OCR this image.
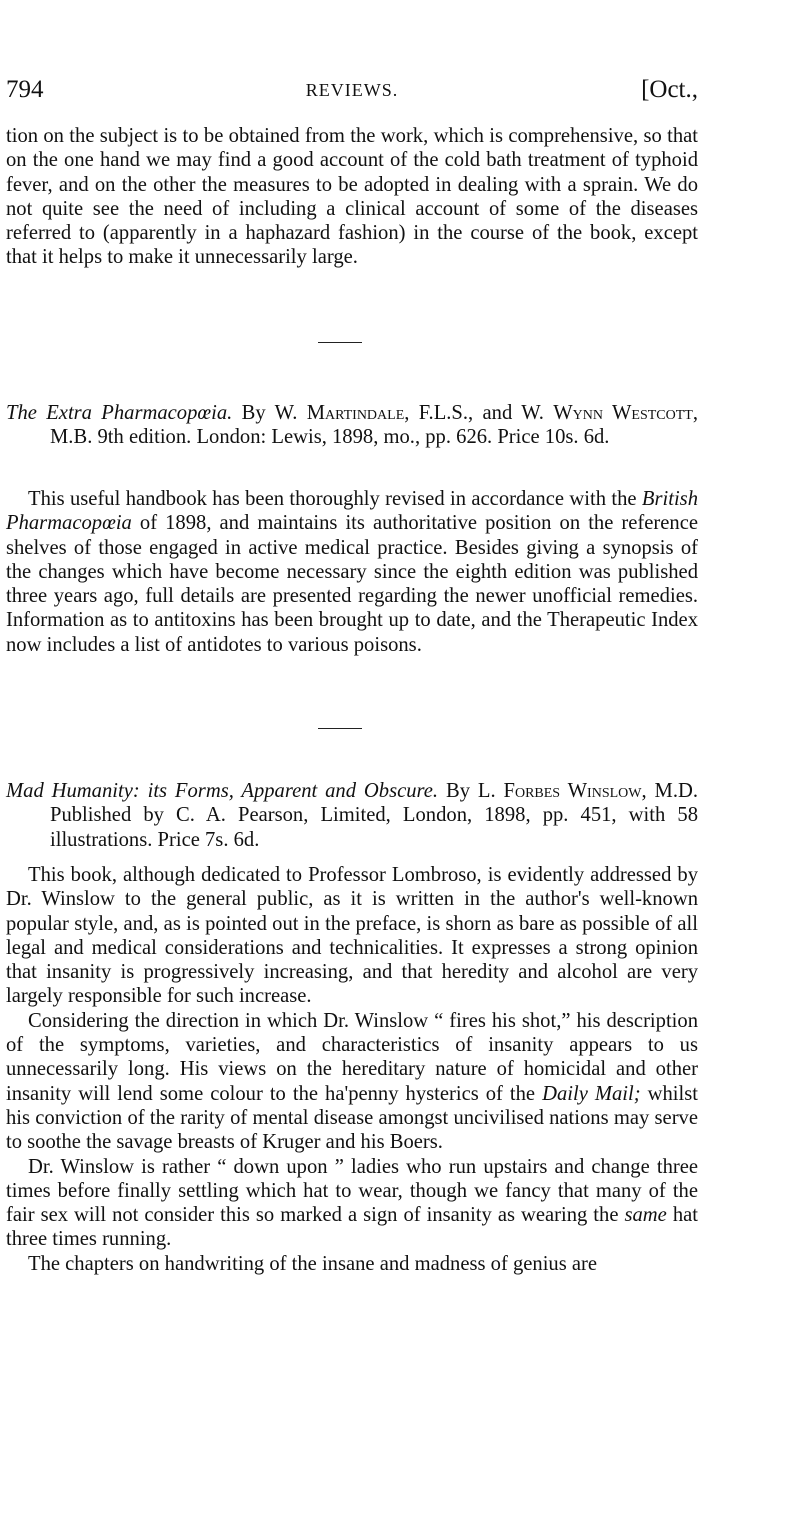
794	REVIEWS.	[Oct.,

tion on the subject is to be obtained from the work, which is comprehensive, so that on the one hand we may find a good account of the cold bath treatment of typhoid fever, and on the other the measures to be adopted in dealing with a sprain. We do not quite see the need of including a clinical account of some of the diseases referred to (apparently in a haphazard fashion) in the course of the book, except that it helps to make it unnecessarily large.

The Extra Pharmacopœia. By W. Martindale, F.L.S., and W. Wynn Westcott, M.B. 9th edition. London: Lewis, 1898, mo., pp. 626. Price 10s. 6d.

This useful handbook has been thoroughly revised in accordance with the British Pharmacopœia of 1898, and maintains its authoritative position on the reference shelves of those engaged in active medical practice. Besides giving a synopsis of the changes which have become necessary since the eighth edition was published three years ago, full details are presented regarding the newer unofficial remedies. Information as to antitoxins has been brought up to date, and the Therapeutic Index now includes a list of antidotes to various poisons.

Mad Humanity: its Forms, Apparent and Obscure. By L. Forbes Winslow, M.D. Published by C. A. Pearson, Limited, London, 1898, pp. 451, with 58 illustrations. Price 7s. 6d.

This book, although dedicated to Professor Lombroso, is evidently addressed by Dr. Winslow to the general public, as it is written in the author's well-known popular style, and, as is pointed out in the preface, is shorn as bare as possible of all legal and medical considerations and technicalities. It expresses a strong opinion that insanity is progressively increasing, and that heredity and alcohol are very largely responsible for such increase.

Considering the direction in which Dr. Winslow “ fires his shot,” his description of the symptoms, varieties, and characteristics of insanity appears to us unnecessarily long. His views on the hereditary nature of homicidal and other insanity will lend some colour to the ha'penny hysterics of the Daily Mail; whilst his conviction of the rarity of mental disease amongst uncivilised nations may serve to soothe the savage breasts of Kruger and his Boers.

Dr. Winslow is rather “ down upon ” ladies who run upstairs and change three times before finally settling which hat to wear, though we fancy that many of the fair sex will not consider this so marked a sign of insanity as wearing the same hat three times running.

The chapters on handwriting of the insane and madness of genius are
